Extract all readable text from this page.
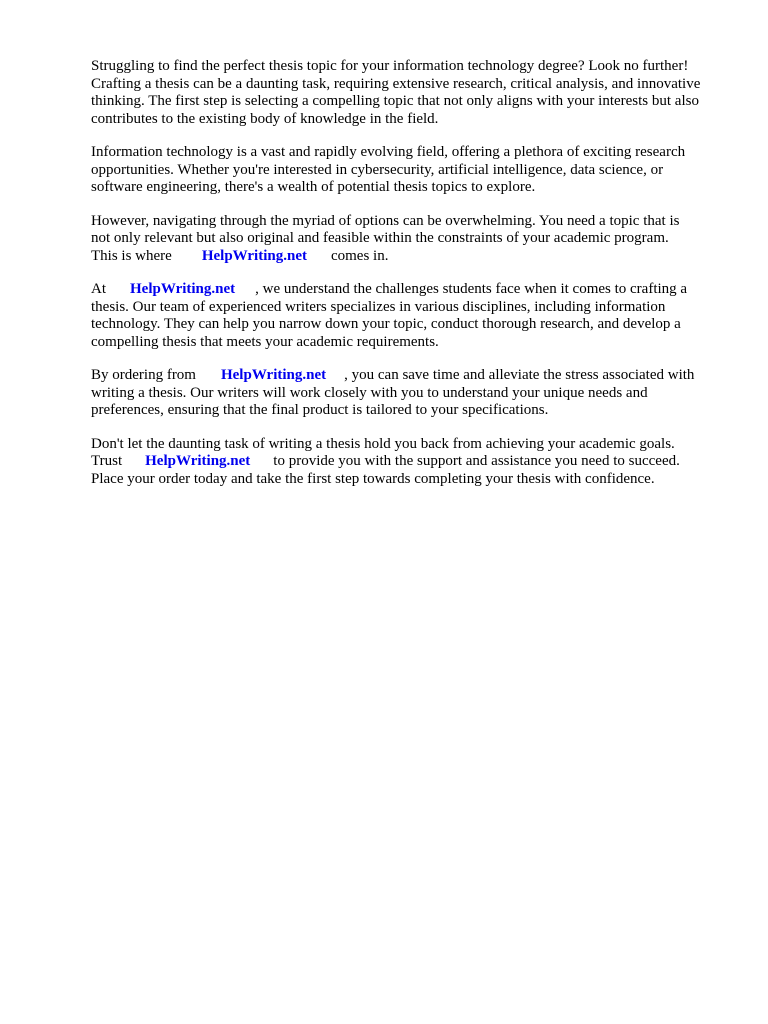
Struggling to find the perfect thesis topic for your information technology degree? Look no further!
Crafting a thesis can be a daunting task, requiring extensive research, critical analysis, and innovative
thinking. The first step is selecting a compelling topic that not only aligns with your interests but also
contributes to the existing body of knowledge in the field.

Information technology is a vast and rapidly evolving field, offering a plethora of exciting research
opportunities. Whether you're interested in cybersecurity, artificial intelligence, data science, or
software engineering, there's a wealth of potential thesis topics to explore.

However, navigating through the myriad of options can be overwhelming. You need a topic that is
not only relevant but also original and feasible within the constraints of your academic program.
This is where HelpWriting.net comes in.

At HelpWriting.net , we understand the challenges students face when it comes to crafting a
thesis. Our team of experienced writers specializes in various disciplines, including information
technology. They can help you narrow down your topic, conduct thorough research, and develop a
compelling thesis that meets your academic requirements.

By ordering from HelpWriting.net , you can save time and alleviate the stress associated with
writing a thesis. Our writers will work closely with you to understand your unique needs and
preferences, ensuring that the final product is tailored to your specifications.

Don't let the daunting task of writing a thesis hold you back from achieving your academic goals.
Trust HelpWriting.net to provide you with the support and assistance you need to succeed.
Place your order today and take the first step towards completing your thesis with confidence.
